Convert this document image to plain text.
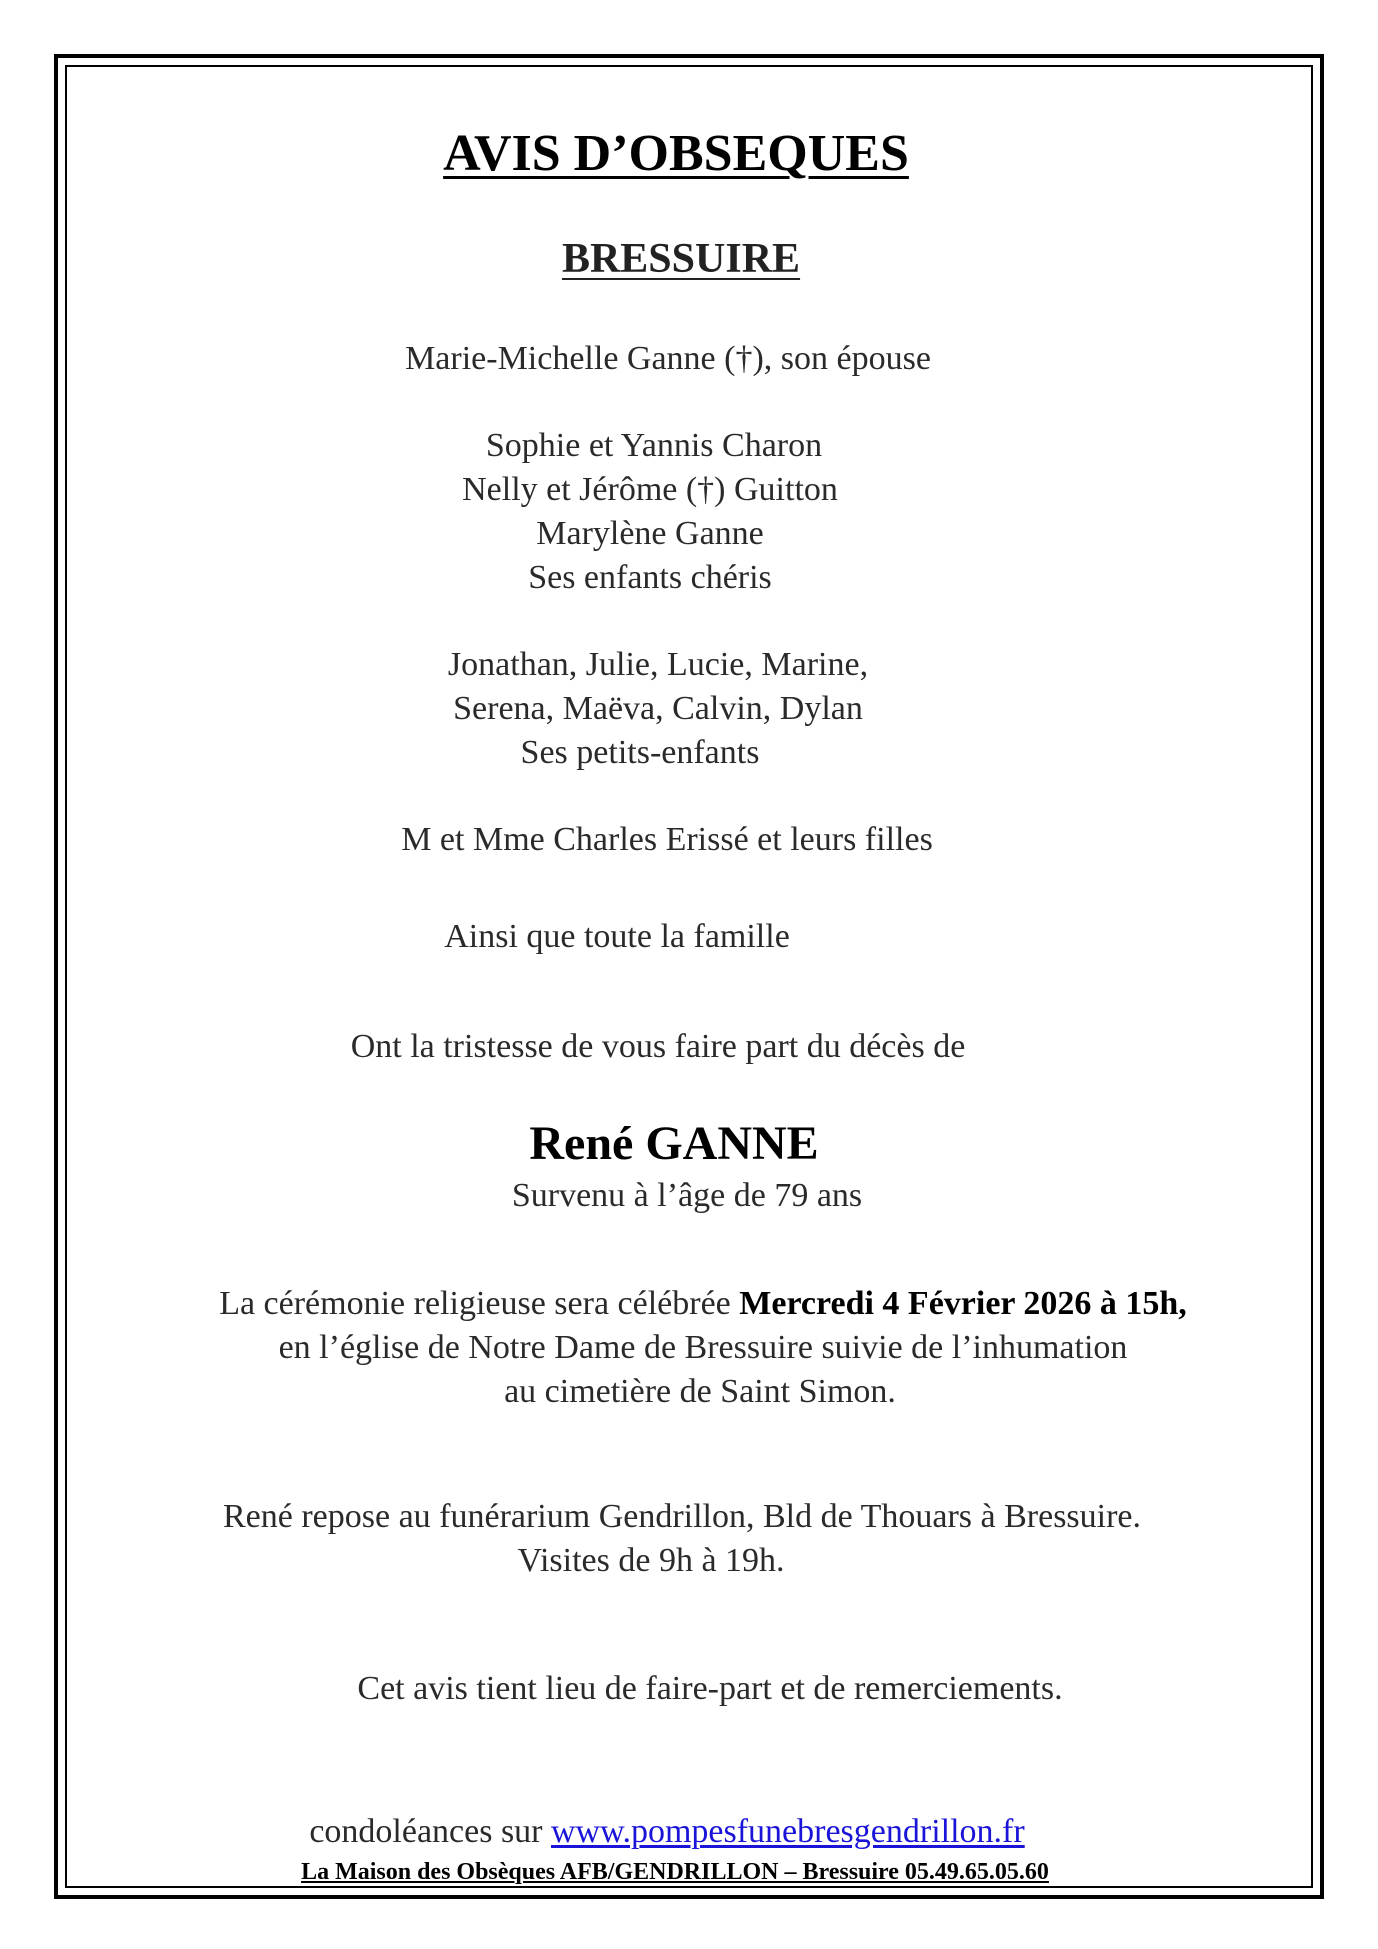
AVIS D’OBSEQUES
BRESSUIRE
Marie-Michelle Ganne (†), son épouse
Sophie et Yannis Charon
Nelly et Jérôme (†) Guitton
Marylène Ganne
Ses enfants chéris
Jonathan, Julie, Lucie, Marine,
Serena, Maëva, Calvin, Dylan
Ses petits-enfants
M et Mme Charles Erissé et leurs filles
Ainsi que toute la famille
Ont la tristesse de vous faire part du décès de
René GANNE
Survenu à l’âge de 79 ans
La cérémonie religieuse sera célébrée Mercredi 4 Février 2026 à 15h,
en l’église de Notre Dame de Bressuire suivie de l’inhumation
au cimetière de Saint Simon.
René repose au funérarium Gendrillon, Bld de Thouars à Bressuire.
Visites de 9h à 19h.
Cet avis tient lieu de faire-part et de remerciements.
condoléances sur www.pompesfunebresgendrillon.fr
La Maison des Obsèques AFB/GENDRILLON – Bressuire 05.49.65.05.60
